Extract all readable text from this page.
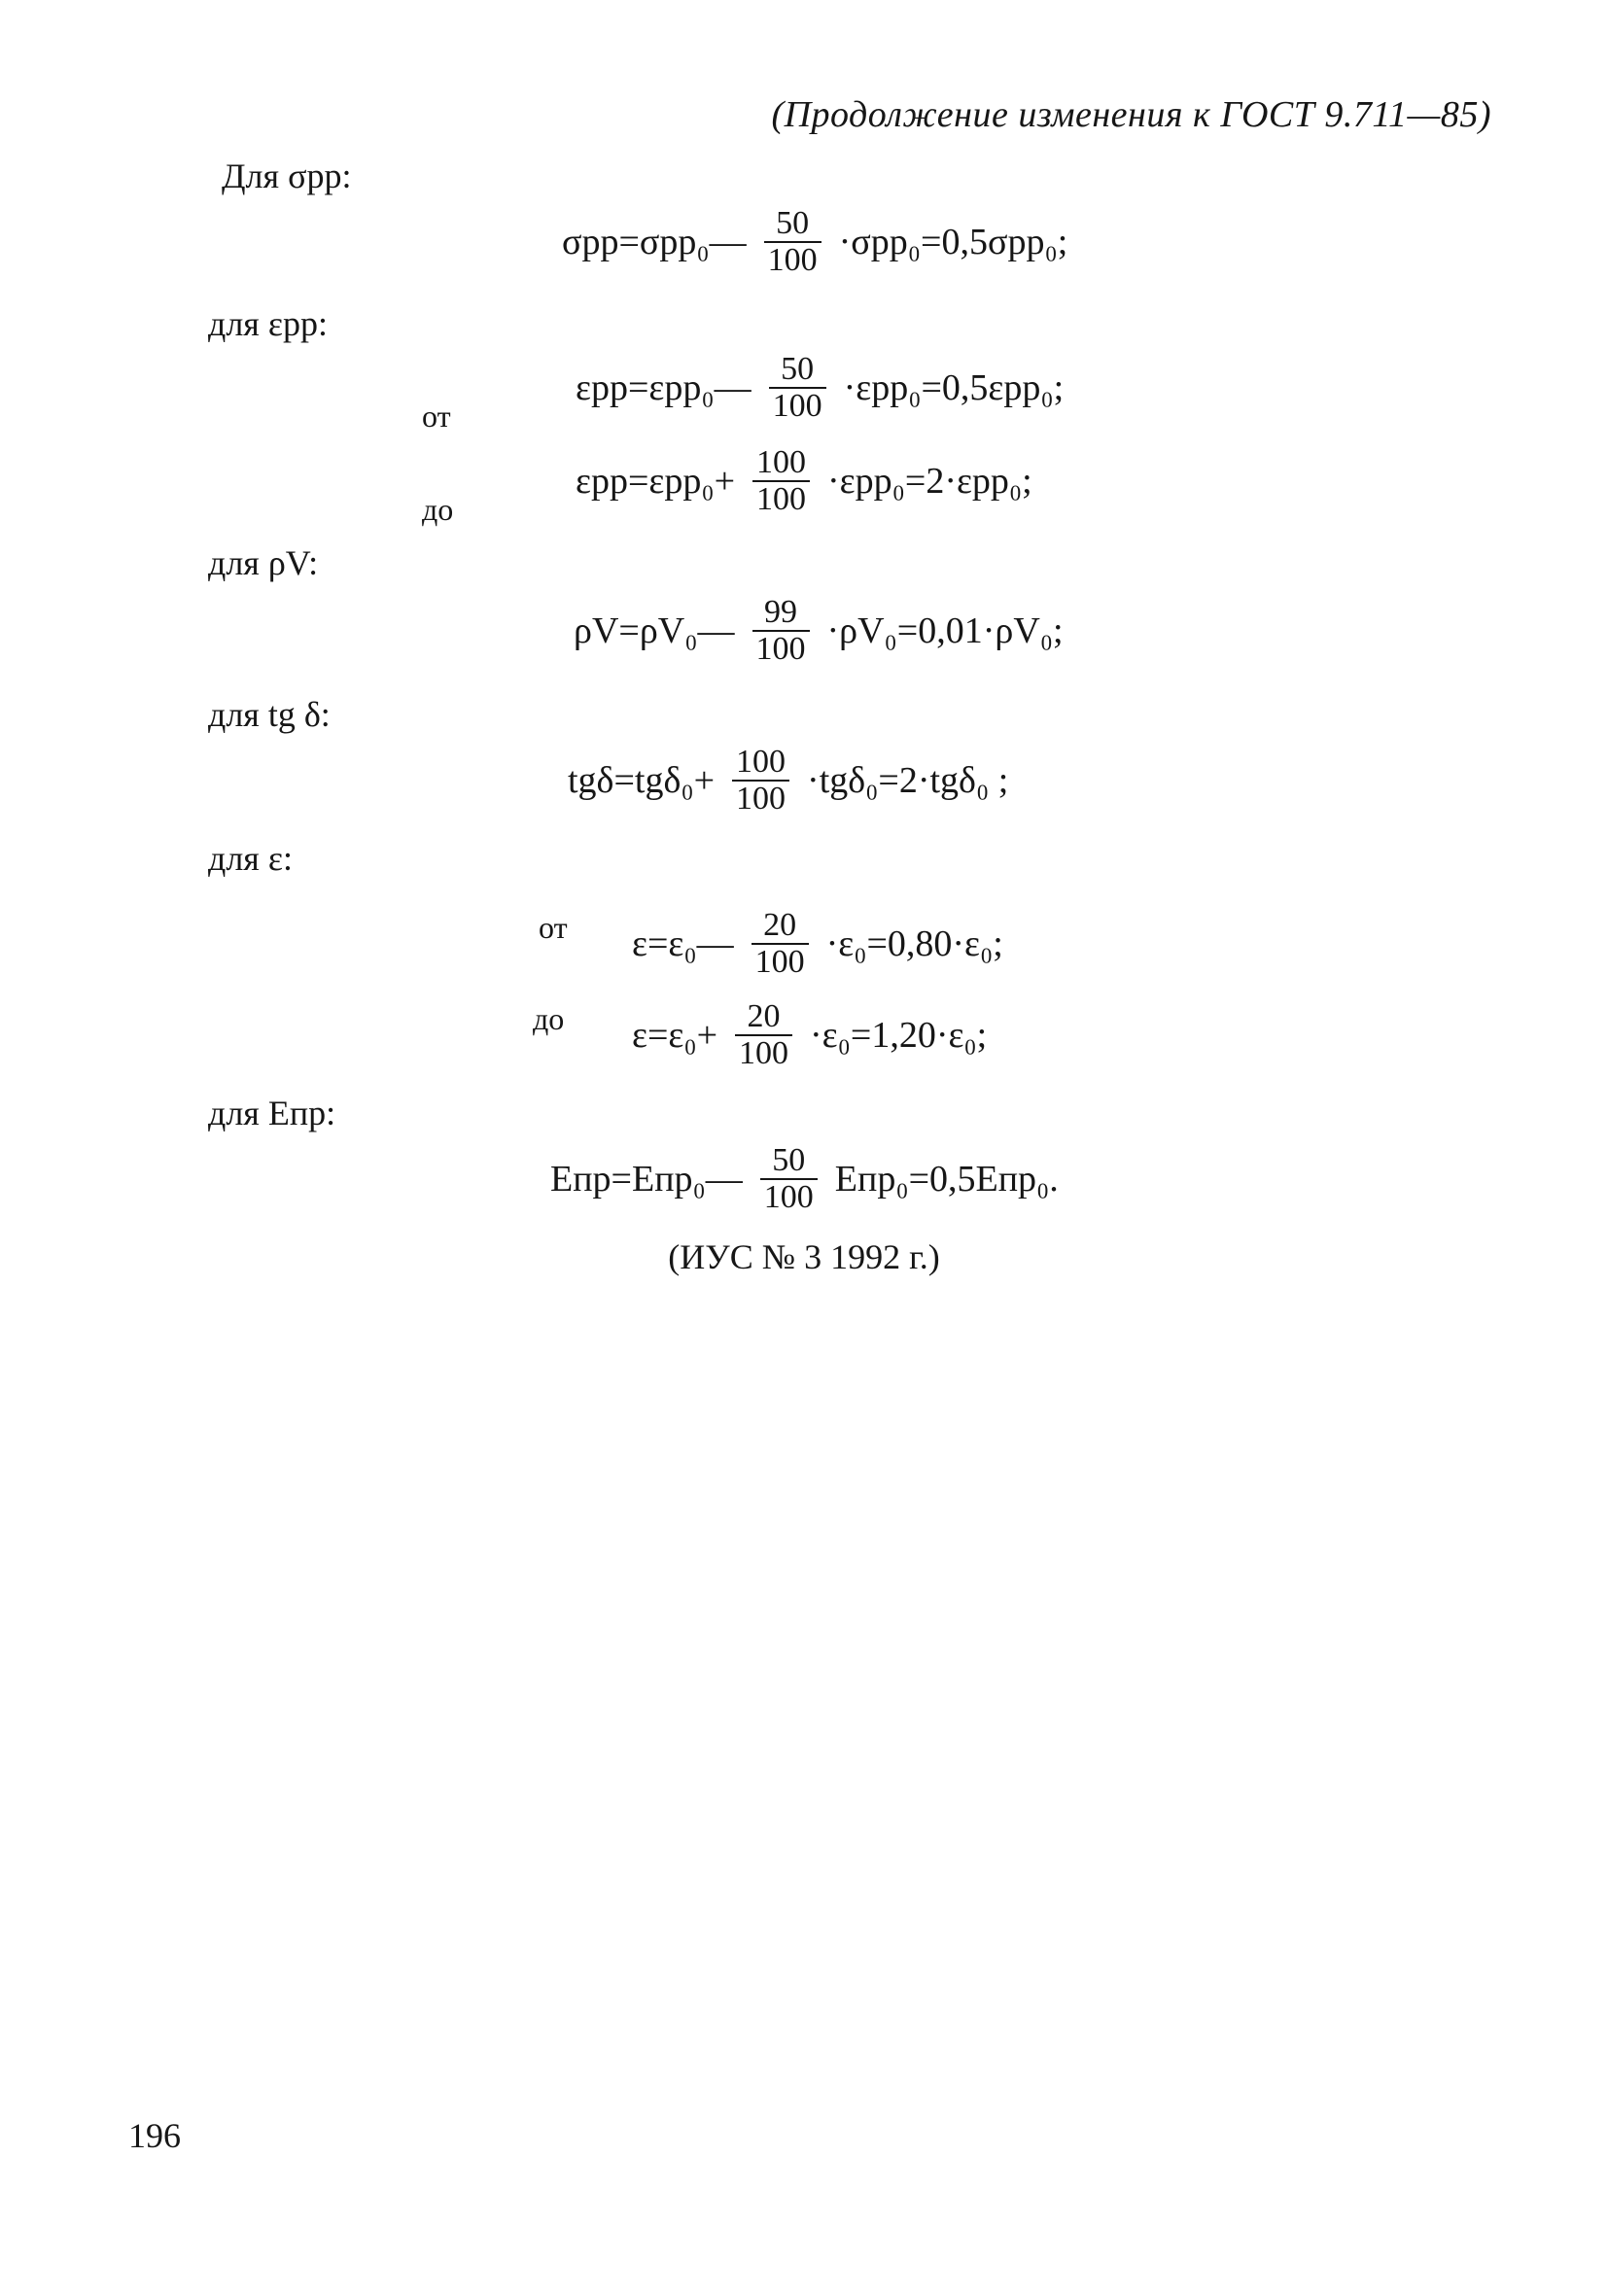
(Продолжение изменения к ГОСТ 9.711—85)
Для σрр:
σрр=σрр₀— $\frac{50}{100} \cdot\sigma рр_0=0,5\sigma рр_0$;
для εрр:
от
εрр=εрр₀— $\frac{50}{100} \cdot\varepsilon рр_0=0,5\varepsilon рр_0$;
до
$\varepsilon рр=\varepsilon рр_0+ \frac{100}{100} \cdot\varepsilon рр_0=2\cdot\varepsilon рр_0$;
для ρV:
ρV=ρV₀— $\frac{99}{100} \cdot\rho V_0=0,01\cdot\rho V_0$;
для tg δ:
$tg\delta=tg\delta_0+ \frac{100}{100} \cdot tg\delta_0=2\cdot tg\delta_0$ ;
для ε:
от ε=ε₀— $\frac{20}{100} \cdot\varepsilon_0=0,80\cdot\varepsilon_0$;
до $\varepsilon=\varepsilon_0+ \frac{20}{100} \cdot\varepsilon_0=1,20\cdot\varepsilon_0$;
для Eпр:
Eпр=Eпр₀— $\frac{50}{100} Eпр_0=0,5Eпр_0$.
(ИУС № 3 1992 г.)
196
